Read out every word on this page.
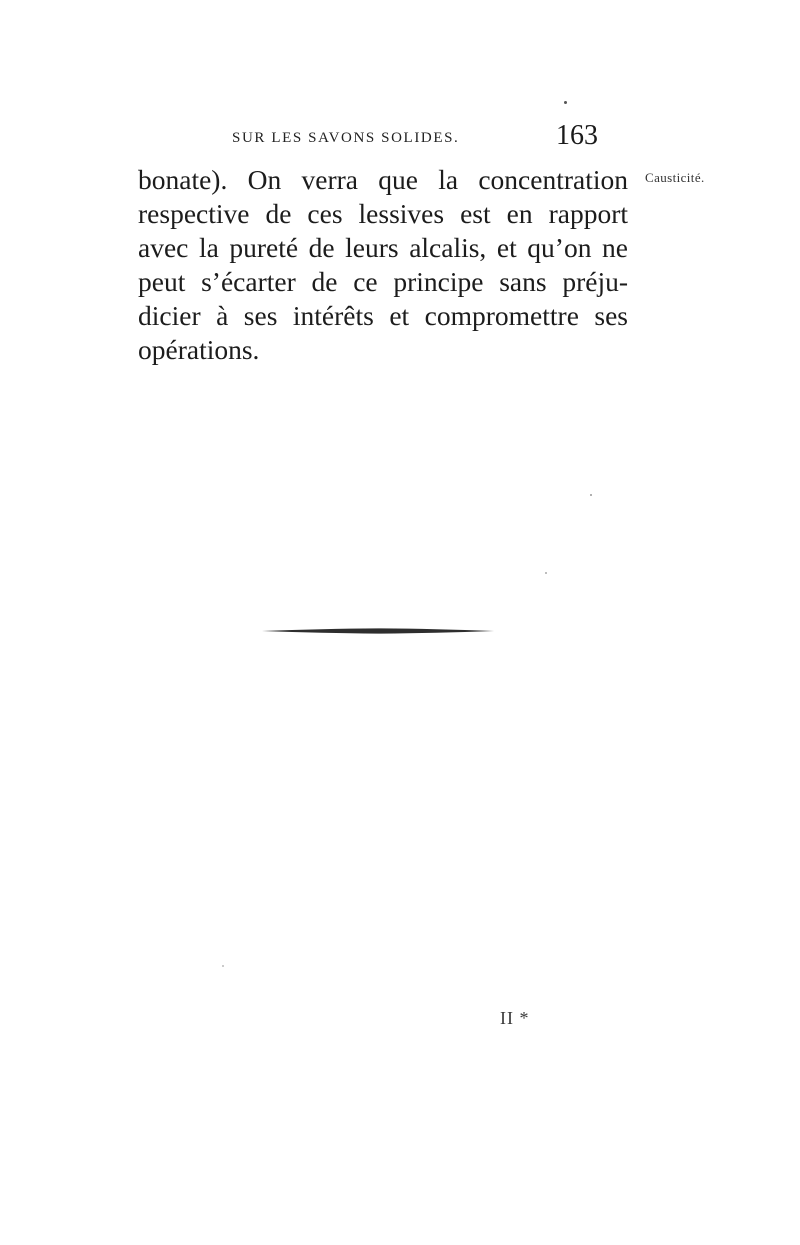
SUR LES SAVONS SOLIDES.	163
Causticité.
bonate). On verra que la concentration
respective de ces lessives est en rapport
avec la pureté de leurs alcalis, et qu’on ne
peut s’écarter de ce principe sans préju-
dicier à ses intérêts et compromettre ses
opérations.
II *
